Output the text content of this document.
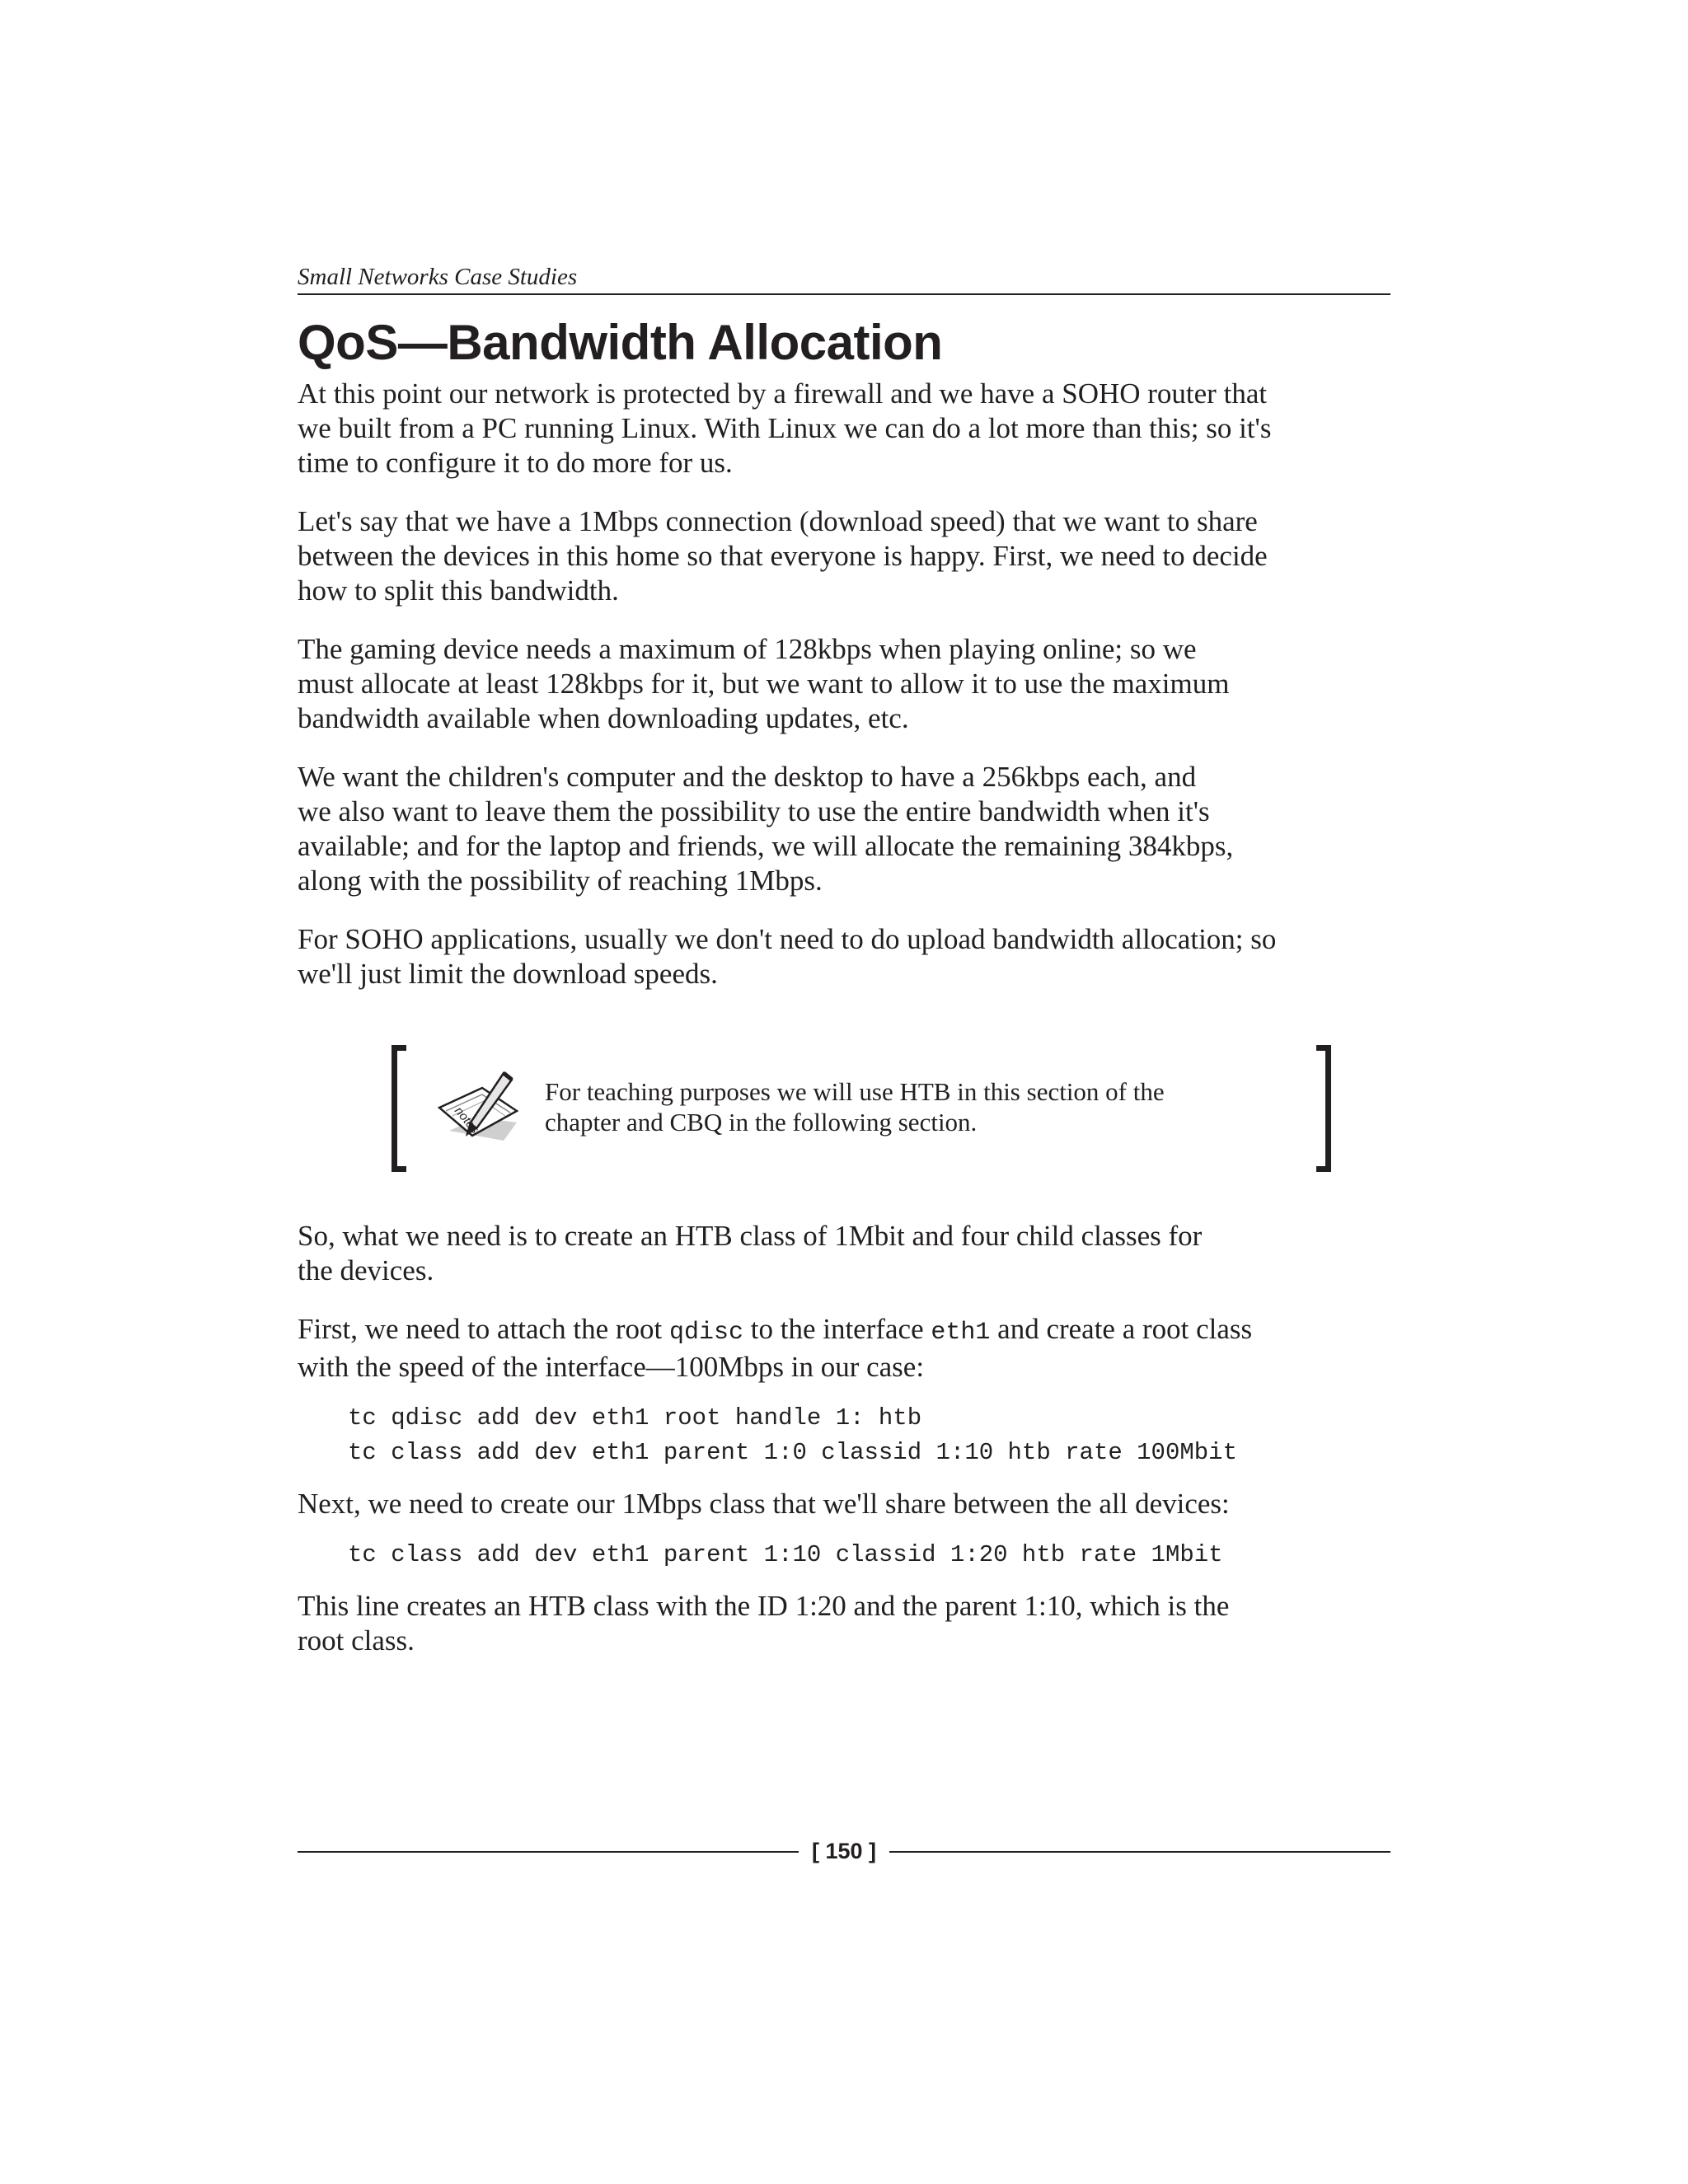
Small Networks Case Studies
QoS—Bandwidth Allocation

At this point our network is protected by a firewall and we have a SOHO router that
we built from a PC running Linux. With Linux we can do a lot more than this; so it's
time to configure it to do more for us.

Let's say that we have a 1Mbps connection (download speed) that we want to share
between the devices in this home so that everyone is happy. First, we need to decide
how to split this bandwidth.

The gaming device needs a maximum of 128kbps when playing online; so we
must allocate at least 128kbps for it, but we want to allow it to use the maximum
bandwidth available when downloading updates, etc.

We want the children's computer and the desktop to have a 256kbps each, and
we also want to leave them the possibility to use the entire bandwidth when it's
available; and for the laptop and friends, we will allocate the remaining 384kbps,
along with the possibility of reaching 1Mbps.

For SOHO applications, usually we don't need to do upload bandwidth allocation; so
we'll just limit the download speeds.

notes

For teaching purposes we will use HTB in this section of the
chapter and CBQ in the following section.

So, what we need is to create an HTB class of 1Mbit and four child classes for
the devices.

First, we need to attach the root qdisc to the interface eth1 and create a root class
with the speed of the interface—100Mbps in our case:

tc qdisc add dev eth1 root handle 1: htb
tc class add dev eth1 parent 1:0 classid 1:10 htb rate 100Mbit

Next, we need to create our 1Mbps class that we'll share between the all devices:

tc class add dev eth1 parent 1:10 classid 1:20 htb rate 1Mbit

This line creates an HTB class with the ID 1:20 and the parent 1:10, which is the
root class.

[ 150 ]
